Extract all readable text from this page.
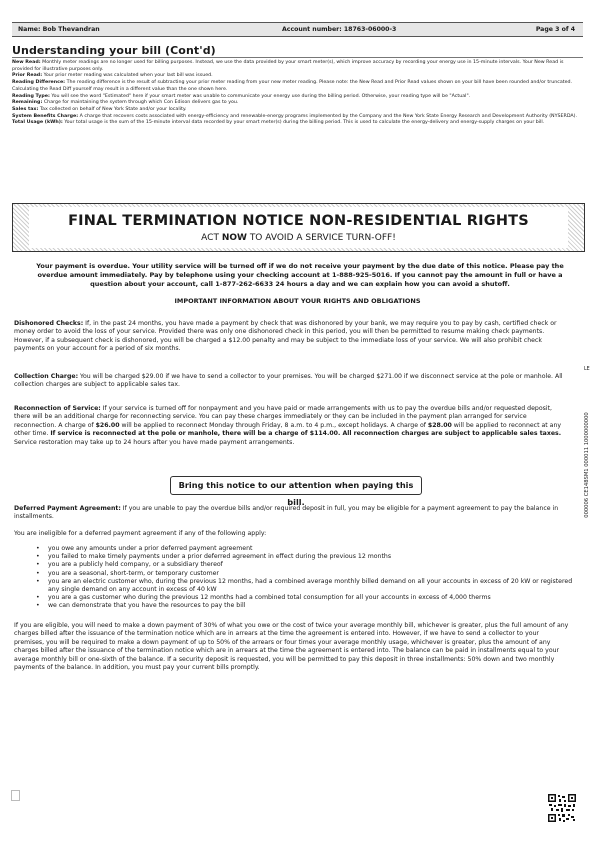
Name: Bob Thevandran	Account number: 18763-06000-3	Page 3 of 4
Understanding your bill (Cont'd)

New Read: Monthly meter readings are no longer used for billing purposes. Instead, we use the data provided by your smart meter(s), which improve accuracy by recording your energy use in 15-minute intervals. Your New Read is provided for illustrative purposes only.

Prior Read: Your prior meter reading was calculated when your last bill was issued.

Reading Difference: The reading difference is the result of subtracting your prior meter reading from your new meter reading. Please note: the New Read and Prior Read values shown on your bill have been rounded and/or truncated. Calculating the Read Diff yourself may result in a different value than the one shown here.

Reading Type: You will see the word "Estimated" here if your smart meter was unable to communicate your energy use during the billing period. Otherwise, your reading type will be "Actual".

Remaining: Charge for maintaining the system through which Con Edison delivers gas to you.

Sales tax: Tax collected on behalf of New York State and/or your locality.

System Benefits Charge: A charge that recovers costs associated with energy-efficiency and renewable-energy programs implemented by the Company and the New York State Energy Research and Development Authority (NYSERDA).

Total Usage (kWh): Your total usage is the sum of the 15-minute interval data recorded by your smart meter(s) during the billing period. This is used to calculate the energy-delivery and energy-supply charges on your bill.

FINAL TERMINATION NOTICE NON-RESIDENTIAL RIGHTS
ACT NOW TO AVOID A SERVICE TURN-OFF!
Your payment is overdue. Your utility service will be turned off if we do not receive your payment by the due date of this notice. Please pay the overdue amount immediately. Pay by telephone using your checking account at 1-888-925-5016. If you cannot pay the amount in full or have a question about your account, call 1-877-262-6633 24 hours a day and we can explain how you can avoid a shutoff.
IMPORTANT INFORMATION ABOUT YOUR RIGHTS AND OBLIGATIONS
Dishonored Checks: If, in the past 24 months, you have made a payment by check that was dishonored by your bank, we may require you to pay by cash, certified check or money order to avoid the loss of your service. Provided there was only one dishonored check in this period, you will then be permitted to resume making check payments. However, if a subsequent check is dishonored, you will be charged a $12.00 penalty and may be subject to the immediate loss of your service. We will also prohibit check payments on your account for a period of six months.
Collection Charge: You will be charged $29.00 if we have to send a collector to your premises. You will be charged $271.00 if we disconnect service at the pole or manhole. All collection charges are subject to applicable sales tax.
Reconnection of Service: If your service is turned off for nonpayment and you have paid or made arrangements with us to pay the overdue bills and/or requested deposit, there will be an additional charge for reconnecting service. You can pay these charges immediately or they can be included in the payment plan arranged for service reconnection. A charge of $26.00 will be applied to reconnect Monday through Friday, 8 a.m. to 4 p.m., except holidays. A charge of $28.00 will be applied to reconnect at any other time. If service is reconnected at the pole or manhole, there will be a charge of $114.00. All reconnection charges are subject to applicable sales taxes. Service restoration may take up to 24 hours after you have made payment arrangements.
Bring this notice to our attention when paying this bill.
Deferred Payment Agreement: If you are unable to pay the overdue bills and/or required deposit in full, you may be eligible for a payment agreement to pay the balance in installments.
You are ineligible for a deferred payment agreement if any of the following apply:
• you owe any amounts under a prior deferred payment agreement
• you failed to make timely payments under a prior deferred agreement in effect during the previous 12 months
• you are a publicly held company, or a subsidiary thereof
• you are a seasonal, short-term, or temporary customer
• you are an electric customer who, during the previous 12 months, had a combined average monthly billed demand on all your accounts in excess of 20 kW or registered any single demand on any account in excess of 40 kW
• you are a gas customer who during the previous 12 months had a combined total consumption for all your accounts in excess of 4,000 therms
• we can demonstrate that you have the resources to pay the bill
If you are eligible, you will need to make a down payment of 30% of what you owe or the cost of twice your average monthly bill, whichever is greater, plus the full amount of any charges billed after the issuance of the termination notice which are in arrears at the time the agreement is entered into. However, if we have to send a collector to your premises, you will be required to make a down payment of up to 50% of the arrears or four times your average monthly usage, whichever is greater, plus the amount of any charges billed after the issuance of the termination notice which are in arrears at the time the agreement is entered into. The balance can be paid in installments equal to your average monthly bill or one-sixth of the balance. If a security deposit is requested, you will be permitted to pay this deposit in three installments: 50% down and two monthly payments of the balance. In addition, you must pay your current bills promptly.
LE
000006 CE148SM1 000011 1000000000
